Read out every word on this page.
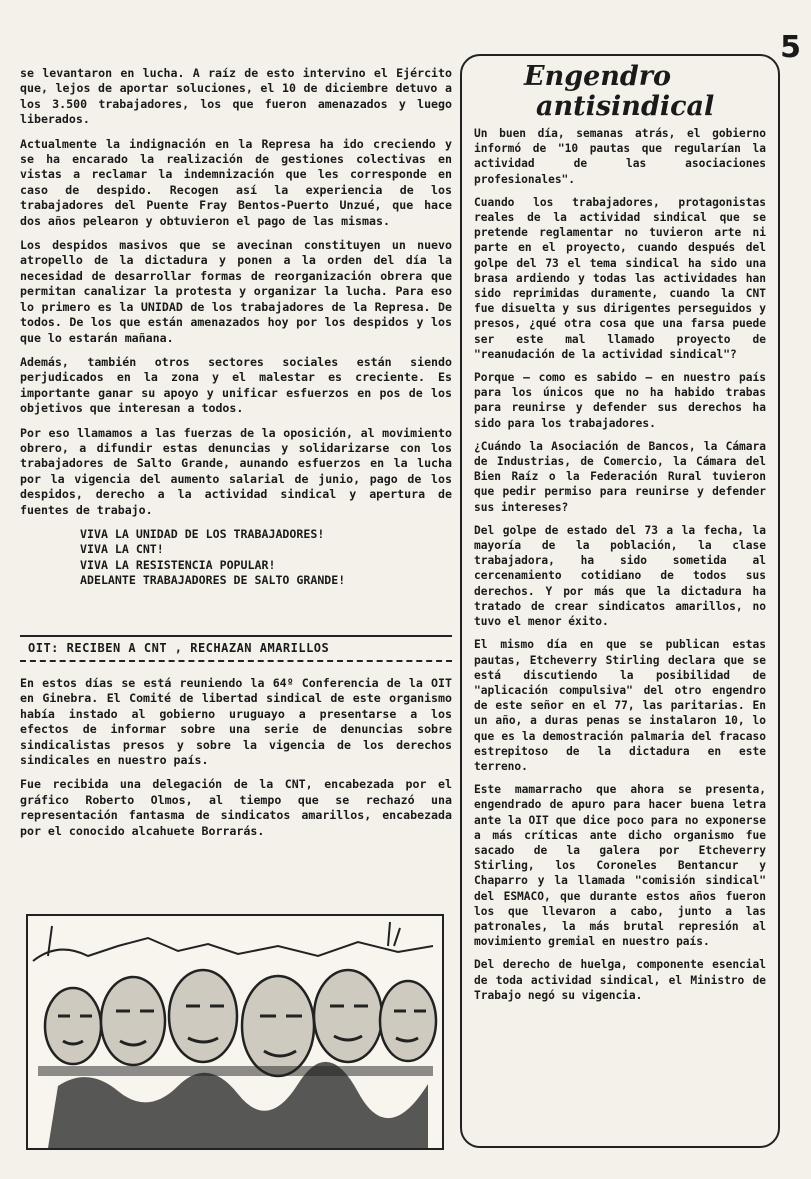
5

se levantaron en lucha. A raíz de esto intervino el Ejército que, lejos de aportar soluciones, el 10 de diciembre detuvo a los 3.500 trabajadores, los que fueron amenazados y luego liberados.

Actualmente la indignación en la Represa ha ido creciendo y se ha encarado la realización de gestiones colectivas en vistas a reclamar la indemnización que les corresponde en caso de despido. Recogen así la experiencia de los trabajadores del Puente Fray Bentos-Puerto Unzué, que hace dos años pelearon y obtuvieron el pago de las mismas.

Los despidos masivos que se avecinan constituyen un nuevo atropello de la dictadura y ponen a la orden del día la necesidad de desarrollar formas de reorganización obrera que permitan canalizar la protesta y organizar la lucha. Para eso lo primero es la UNIDAD de los trabajadores de la Represa. De todos. De los que están amenazados hoy por los despidos y los que lo estarán mañana.

Además, también otros sectores sociales están siendo perjudicados en la zona y el malestar es creciente. Es importante ganar su apoyo y unificar esfuerzos en pos de los objetivos que interesan a todos.

Por eso llamamos a las fuerzas de la oposición, al movimiento obrero, a difundir estas denuncias y solidarizarse con los trabajadores de Salto Grande, aunando esfuerzos en la lucha por la vigencia del aumento salarial de junio, pago de los despidos, derecho a la actividad sindical y apertura de fuentes de trabajo.

VIVA LA UNIDAD DE LOS TRABAJADORES!
VIVA LA CNT!
VIVA LA RESISTENCIA POPULAR!
ADELANTE TRABAJADORES DE SALTO GRANDE!
OIT: RECIBEN A CNT , RECHAZAN AMARILLOS

En estos días se está reuniendo la 64º Conferencia de la OIT en Ginebra. El Comité de libertad sindical de este organismo había instado al gobierno uruguayo a presentarse a los efectos de informar sobre una serie de denuncias sobre sindicalistas presos y sobre la vigencia de los derechos sindicales en nuestro país.

Fue recibida una delegación de la CNT, encabezada por el gráfico Roberto Olmos, al tiempo que se rechazó una representación fantasma de sindicatos amarillos, encabezada por el conocido alcahuete Borrarás.

Engendro
antisindical

Un buen día, semanas atrás, el gobierno informó de "10 pautas que regularían la actividad de las asociaciones profesionales".

Cuando los trabajadores, protagonistas reales de la actividad sindical que se pretende reglamentar no tuvieron arte ni parte en el proyecto, cuando después del golpe del 73 el tema sindical ha sido una brasa ardiendo y todas las actividades han sido reprimidas duramente, cuando la CNT fue disuelta y sus dirigentes perseguidos y presos, ¿qué otra cosa que una farsa puede ser este mal llamado proyecto de "reanudación de la actividad sindical"?

Porque – como es sabido – en nuestro país para los únicos que no ha habido trabas para reunirse y defender sus derechos ha sido para los trabajadores.

¿Cuándo la Asociación de Bancos, la Cámara de Industrias, de Comercio, la Cámara del Bien Raíz o la Federación Rural tuvieron que pedir permiso para reunirse y defender sus intereses?

Del golpe de estado del 73 a la fecha, la mayoría de la población, la clase trabajadora, ha sido sometida al cercenamiento cotidiano de todos sus derechos. Y por más que la dictadura ha tratado de crear sindicatos amarillos, no tuvo el menor éxito.

El mismo día en que se publican estas pautas, Etcheverry Stirling declara que se está discutiendo la posibilidad de "aplicación compulsiva" del otro engendro de este señor en el 77, las paritarias. En un año, a duras penas se instalaron 10, lo que es la demostración palmaria del fracaso estrepitoso de la dictadura en este terreno.

Este mamarracho que ahora se presenta, engendrado de apuro para hacer buena letra ante la OIT que dice poco para no exponerse a más críticas ante dicho organismo fue sacado de la galera por Etcheverry Stirling, los Coroneles Bentancur y Chaparro y la llamada "comisión sindical" del ESMACO, que durante estos años fueron los que llevaron a cabo, junto a las patronales, la más brutal represión al movimiento gremial en nuestro país.

Del derecho de huelga, componente esencial de toda actividad sindical, el Ministro de Trabajo negó su vigencia.
